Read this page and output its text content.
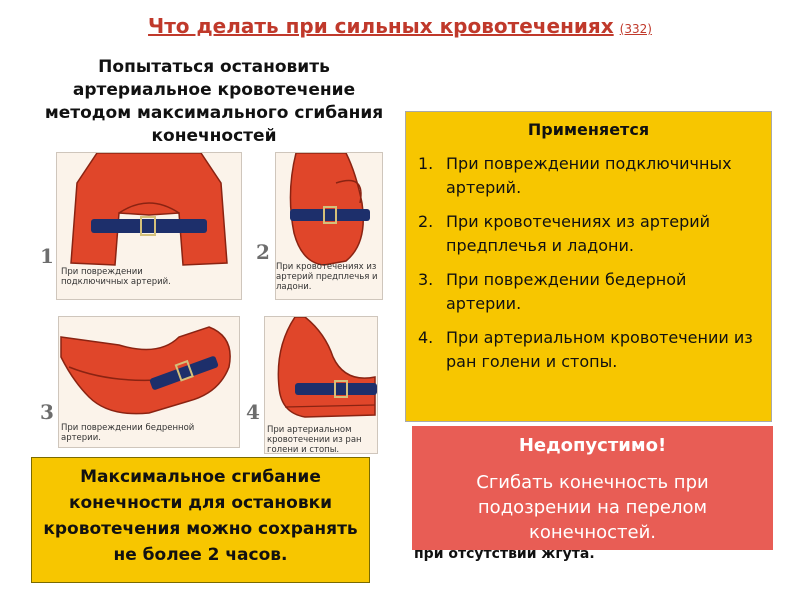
Что делать при сильных кровотечениях (332)
Попытаться остановить артериальное кровотечение методом максимального сгибания конечностей
При повреждении подключичных артерий.
1	2
При кровотечениях из артерий предплечья и ладони.
При повреждении бедренной артерии.
3
При артериальном кровотечении из ран голени и стопы.
4
Применяется
1. При повреждении подключичных артерий.
2. При кровотечениях из артерий предплечья и ладони.
3. При повреждении бедерной артерии.
4. При артериальном кровотечении из ран голени и стопы.
Недопустимо!
Сгибать конечность при подозрении на перелом конечностей.
при отсутствии жгута.
Максимальное сгибание конечности для остановки кровотечения можно сохранять не более 2 часов.
